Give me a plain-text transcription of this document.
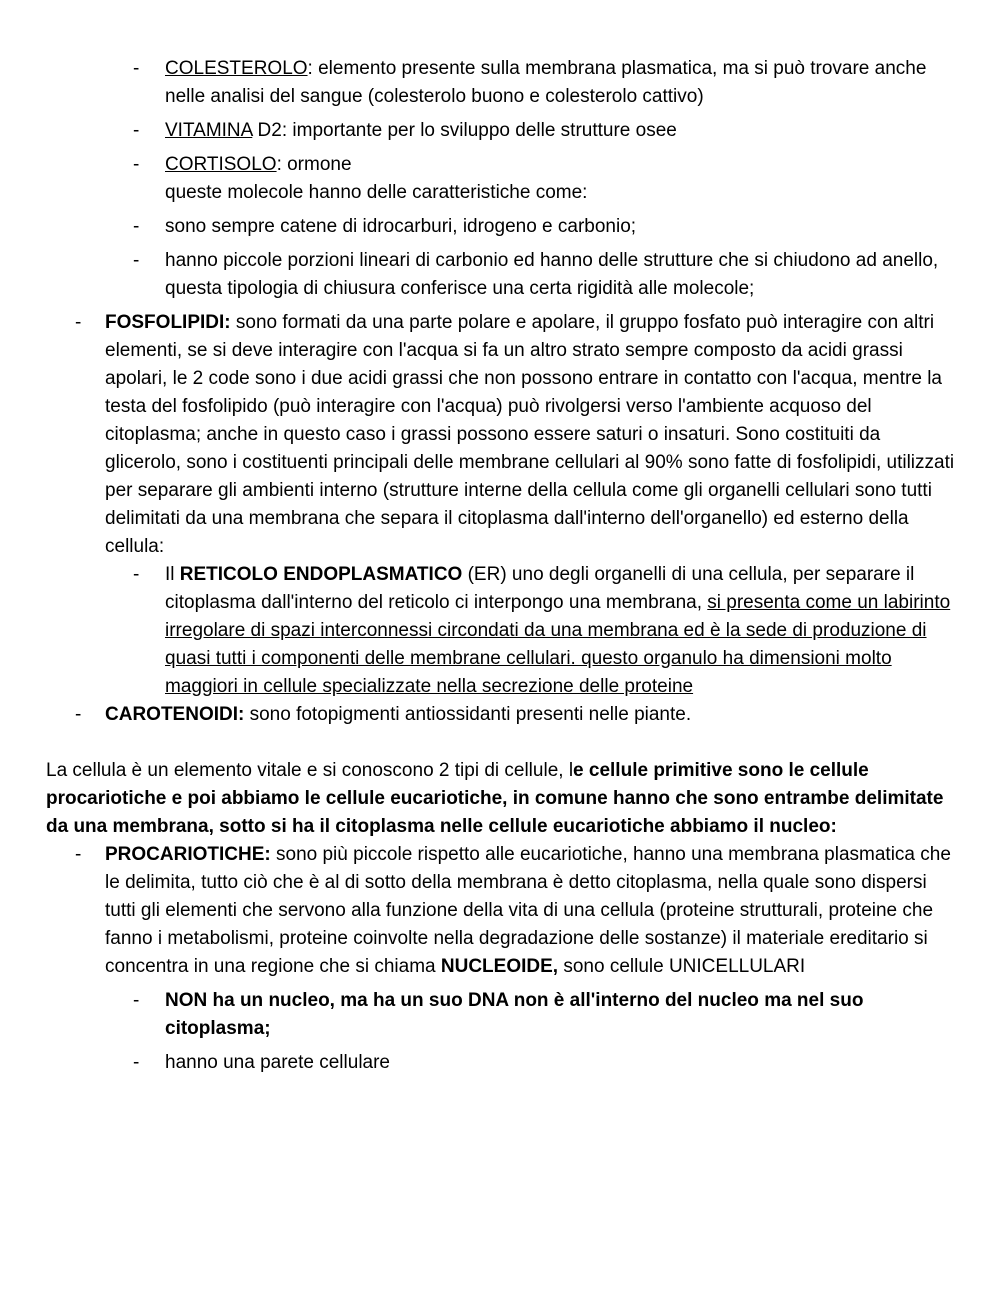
- COLESTEROLO: elemento presente sulla membrana plasmatica, ma si può trovare anche nelle analisi del sangue (colesterolo buono e colesterolo cattivo)

- VITAMINA D2: importante per lo sviluppo delle strutture osee

- CORTISOLO: ormone

queste molecole hanno delle caratteristiche come:

- sono sempre catene di idrocarburi, idrogeno e carbonio;

- hanno piccole porzioni lineari di carbonio ed hanno delle strutture che si chiudono ad anello, questa tipologia di chiusura conferisce una certa rigidità alle molecole;

- FOSFOLIPIDI: sono formati da una parte polare e apolare, il gruppo fosfato può interagire con altri elementi, se si deve interagire con l'acqua si fa un altro strato sempre composto da acidi grassi apolari, le 2 code sono i due acidi grassi che non possono entrare in contatto con l'acqua, mentre la testa del fosfolipido (può interagire con l'acqua) può rivolgersi verso l'ambiente acquoso del citoplasma; anche in questo caso i grassi possono essere saturi o insaturi. Sono costituiti da glicerolo, sono i costituenti principali delle membrane cellulari al 90% sono fatte di fosfolipidi, utilizzati per separare gli ambienti interno (strutture interne della cellula come gli organelli cellulari sono tutti delimitati da una membrana che separa il citoplasma dall'interno dell'organello) ed esterno della cellula:

- Il RETICOLO ENDOPLASMATICO (ER) uno degli organelli di una cellula, per separare il citoplasma dall'interno del reticolo ci interpongo una membrana, si presenta come un labirinto irregolare di spazi interconnessi circondati da una membrana ed è la sede di produzione di quasi tutti i componenti delle membrane cellulari. questo organulo ha dimensioni molto maggiori in cellule specializzate nella secrezione delle proteine

- CAROTENOIDI: sono fotopigmenti antiossidanti presenti nelle piante.

La cellula è un elemento vitale e si conoscono 2 tipi di cellule, le cellule primitive sono le cellule procariotiche e poi abbiamo le cellule eucariotiche, in comune hanno che sono entrambe delimitate da una membrana, sotto si ha il citoplasma nelle cellule eucariotiche abbiamo il nucleo:

- PROCARIOTICHE: sono più piccole rispetto alle eucariotiche, hanno una membrana plasmatica che le delimita, tutto ciò che è al di sotto della membrana è detto citoplasma, nella quale sono dispersi tutti gli elementi che servono alla funzione della vita di una cellula (proteine strutturali, proteine che fanno i metabolismi, proteine coinvolte nella degradazione delle sostanze) il materiale ereditario si concentra in una regione che si chiama NUCLEOIDE, sono cellule UNICELLULARI

- NON ha un nucleo, ma ha un suo DNA non è all'interno del nucleo ma nel suo citoplasma;

- hanno una parete cellulare
